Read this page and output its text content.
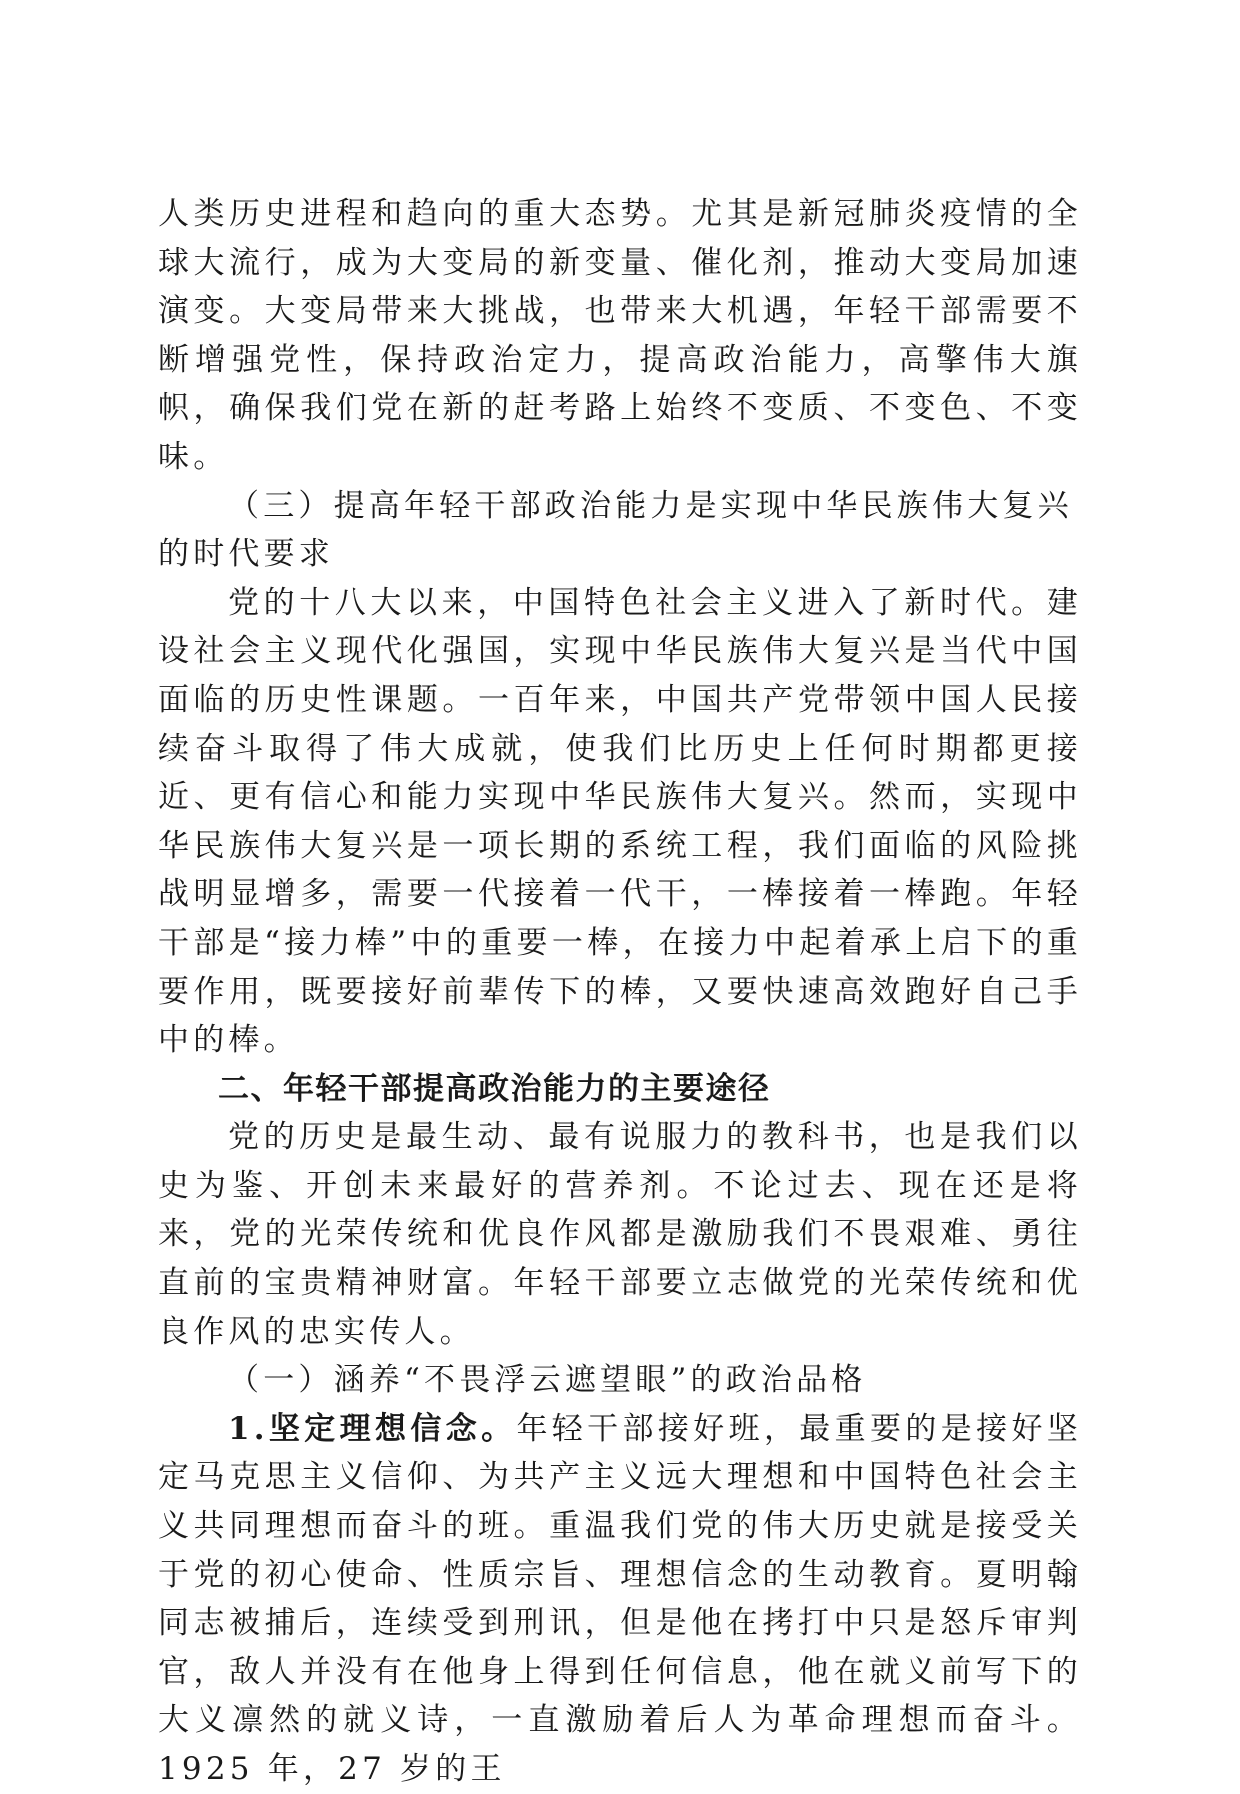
人类历史进程和趋向的重大态势。尤其是新冠肺炎疫情的全球大流行，成为大变局的新变量、催化剂，推动大变局加速演变。大变局带来大挑战，也带来大机遇，年轻干部需要不断增强党性，保持政治定力，提高政治能力，高擎伟大旗帜，确保我们党在新的赶考路上始终不变质、不变色、不变味。

（三）提高年轻干部政治能力是实现中华民族伟大复兴的时代要求

党的十八大以来，中国特色社会主义进入了新时代。建设社会主义现代化强国，实现中华民族伟大复兴是当代中国面临的历史性课题。一百年来，中国共产党带领中国人民接续奋斗取得了伟大成就，使我们比历史上任何时期都更接近、更有信心和能力实现中华民族伟大复兴。然而，实现中华民族伟大复兴是一项长期的系统工程，我们面临的风险挑战明显增多，需要一代接着一代干，一棒接着一棒跑。年轻干部是“接力棒”中的重要一棒，在接力中起着承上启下的重要作用，既要接好前辈传下的棒，又要快速高效跑好自己手中的棒。

二、年轻干部提高政治能力的主要途径

党的历史是最生动、最有说服力的教科书，也是我们以史为鉴、开创未来最好的营养剂。不论过去、现在还是将来，党的光荣传统和优良作风都是激励我们不畏艰难、勇往直前的宝贵精神财富。年轻干部要立志做党的光荣传统和优良作风的忠实传人。

（一）涵养“不畏浮云遮望眼”的政治品格

1.坚定理想信念。年轻干部接好班，最重要的是接好坚定马克思主义信仰、为共产主义远大理想和中国特色社会主义共同理想而奋斗的班。重温我们党的伟大历史就是接受关于党的初心使命、性质宗旨、理想信念的生动教育。夏明翰同志被捕后，连续受到刑讯，但是他在拷打中只是怒斥审判官，敌人并没有在他身上得到任何信息，他在就义前写下的大义凛然的就义诗，一直激励着后人为革命理想而奋斗。1925 年，27 岁的王
